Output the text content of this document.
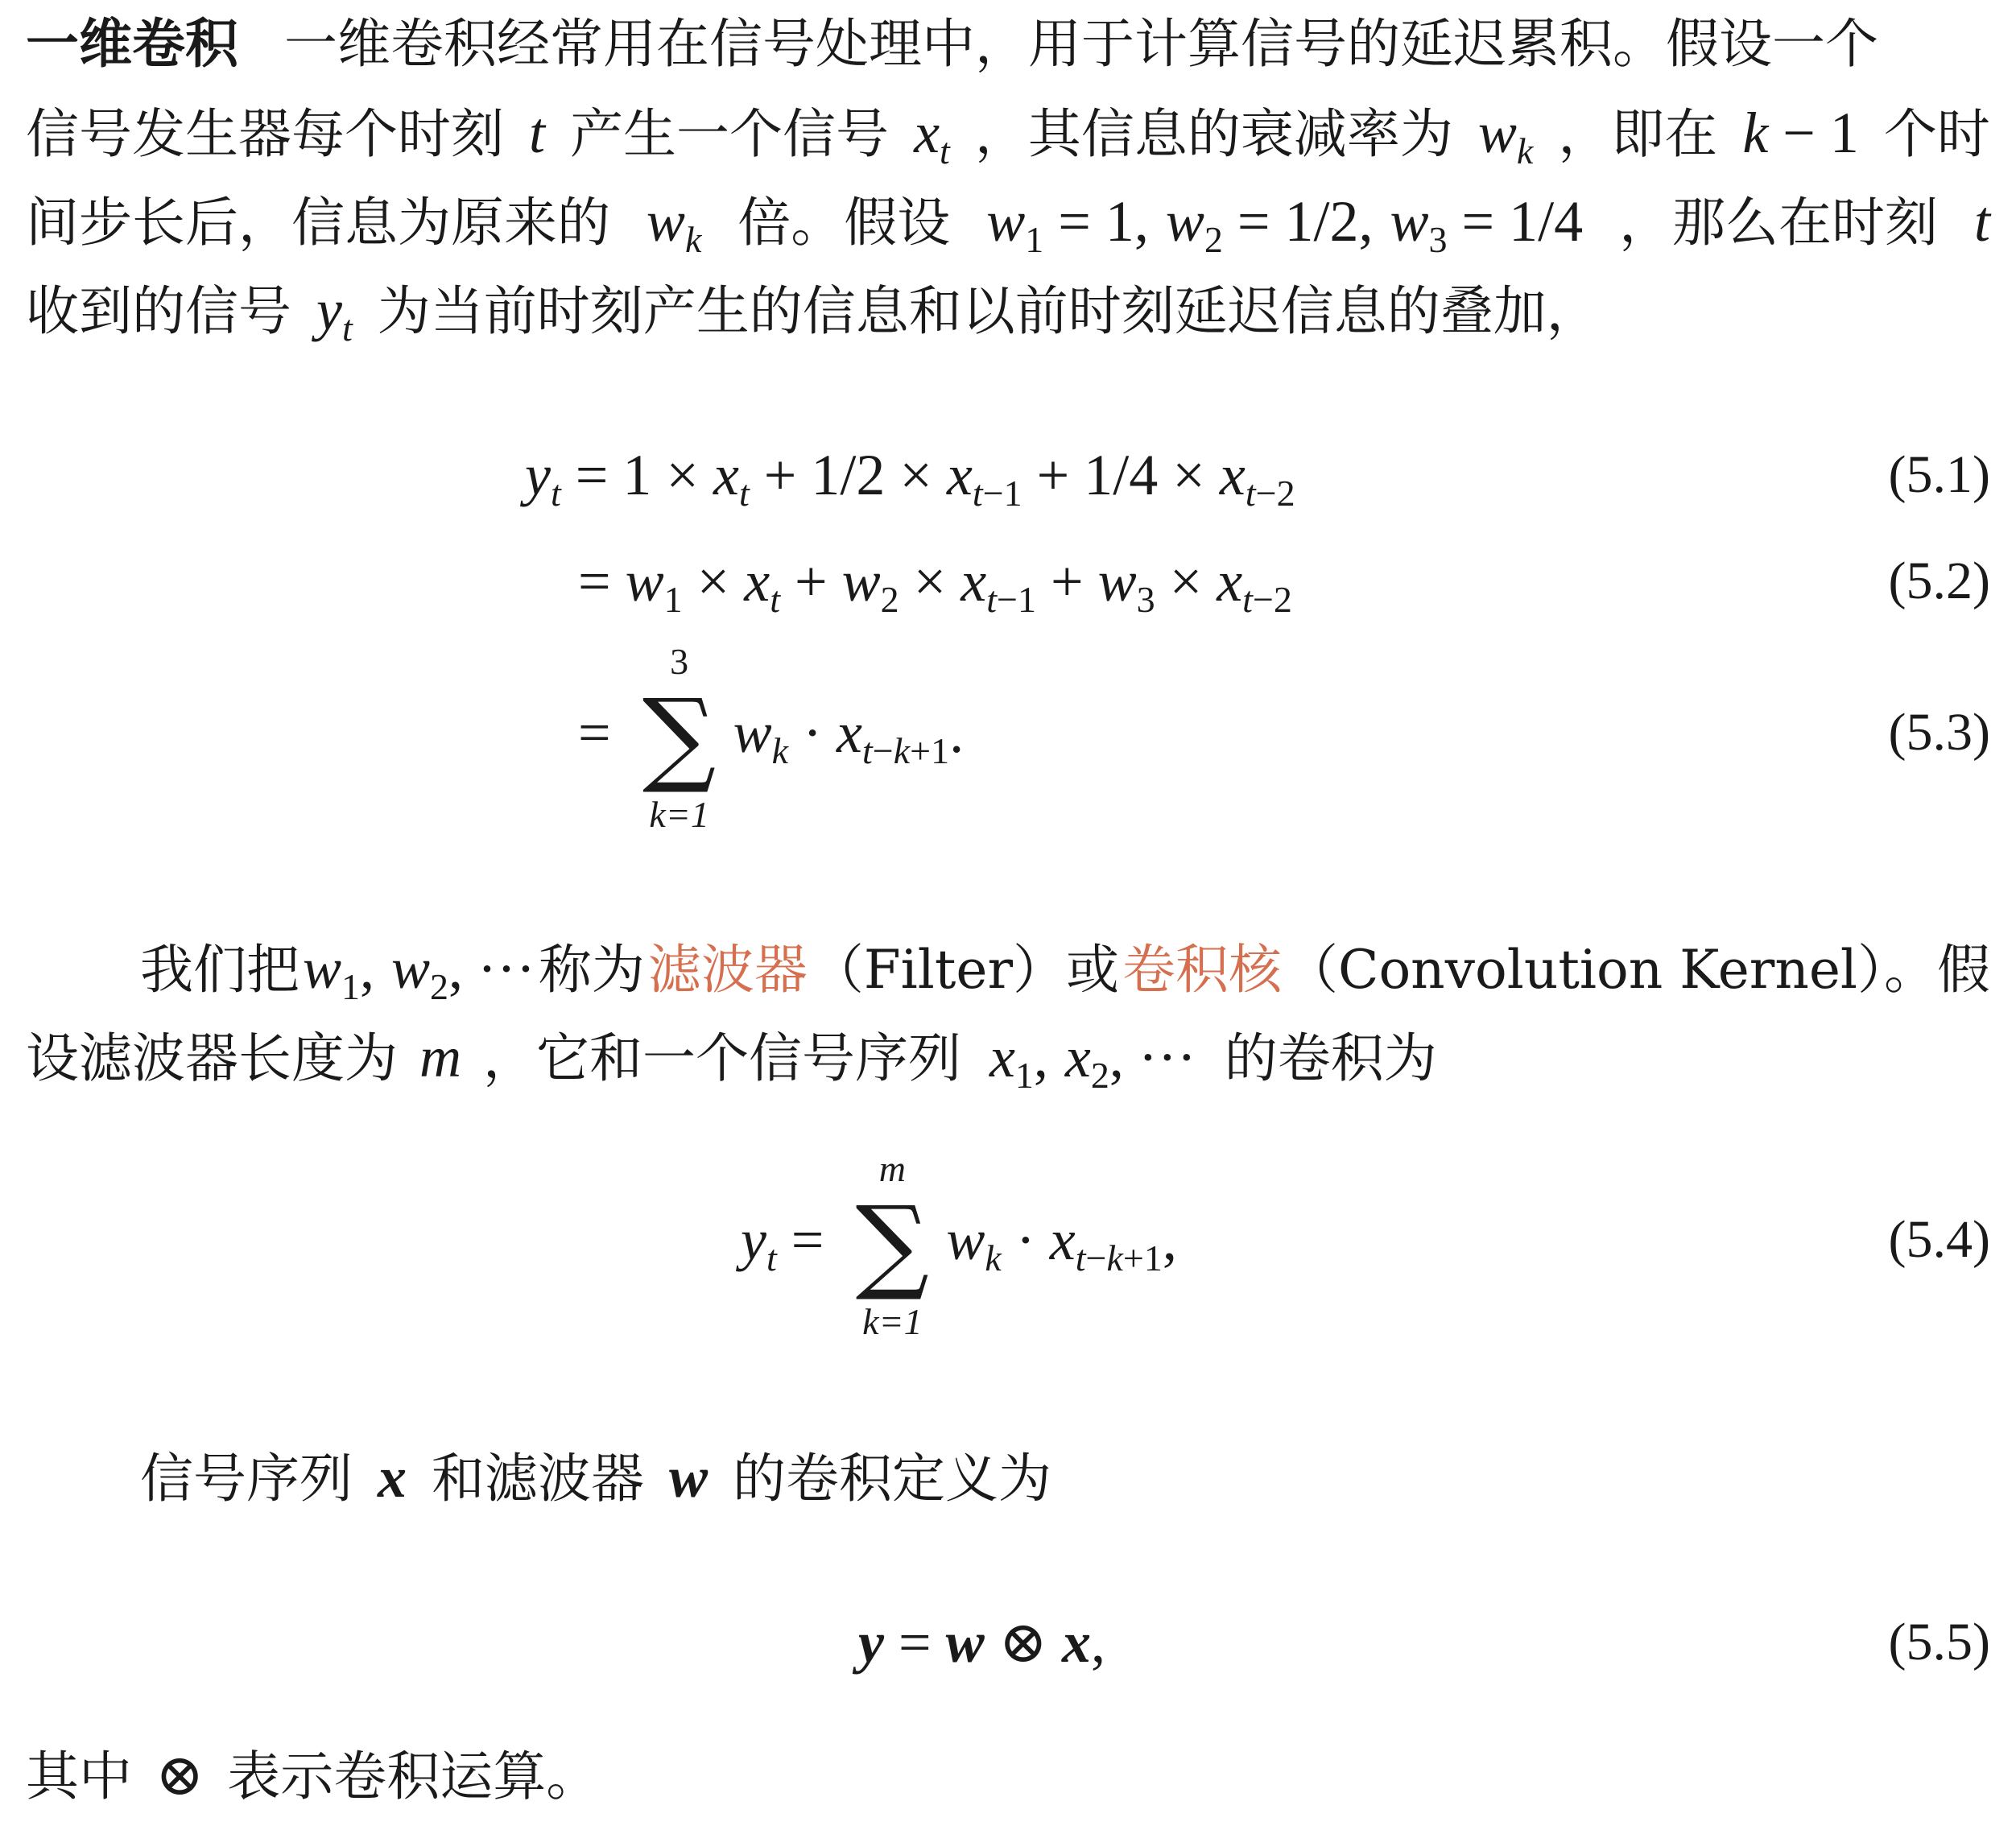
一维卷积 一维卷积经常用在信号处理中，用于计算信号的延迟累积。假设一个
信号发生器每个时刻 t 产生一个信号 $x_t$ ，其信息的衰减率为 $w_k$ ，即在 k − 1 个时
间步长后，信息为原来的 $w_k$ 倍。假设 $w_1 = 1$, $w_2 = 1/2$, $w_3 = 1/4$ ，那么在时刻 t
收到的信号 $y_t$ 为当前时刻产生的信息和以前时刻延迟信息的叠加，
yt = 1 × xt + 1/2 × xt−1 + 1/4 × xt−2	(5.1)
= w1 × xt + w2 × xt−1 + w3 × xt−2	(5.2)
=
3
∑
k=1
wk · xt−k+1.	(5.3)
我们把 $w_1$, $w_2$, ··· 称为 滤波器 （Filter）或 卷积核 （Convolution Kernel）。假
设滤波器长度为 m ，它和一个信号序列 $x_1$, $x_2$, ··· 的卷积为
yt =
m
∑
k=1
wk · xt−k+1,	(5.4)
信号序列 x 和滤波器 w 的卷积定义为
y = w ⊗ x,	(5.5)
其中 ⊗ 表示卷积运算。
